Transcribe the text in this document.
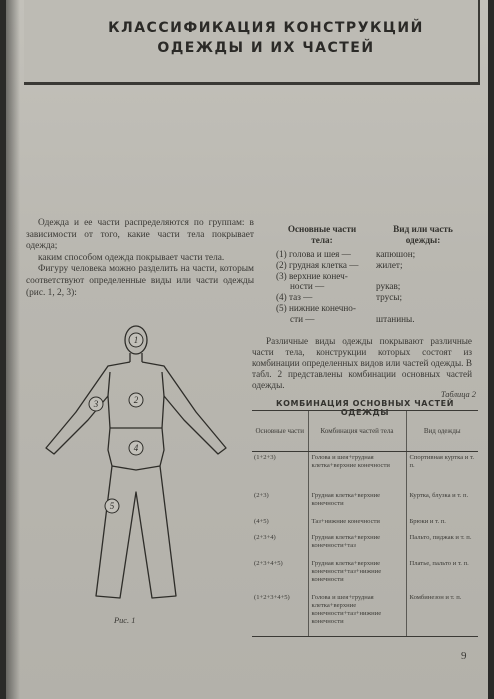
КЛАССИФИКАЦИЯ КОНСТРУКЦИЙ
ОДЕЖДЫ И ИХ ЧАСТЕЙ

Одежда и ее части распределяются по группам: в зависимости от того, какие части тела покрывает одежда;

каким способом одежда покрывает части тела.

Фигуру человека можно разделить на части, которым соответствуют определенные виды или части одежды (рис. 1, 2, 3):

Основные части тела:
Вид или часть одежды:
(1) голова и шея —	капюшон;
(2) грудная клетка — жилет;
(3) верхние конеч-
ности —	рукав;
(4) таз —	трусы;
(5) нижние конечно-
сти —	штанины.

Различные виды одежды покрывают различные части тела, конструкции которых состоят из комбинации определенных видов или частей одежды. В табл. 2 представлены комбинации основных частей одежды.

Таблица 2
КОМБИНАЦИЯ ОСНОВНЫХ ЧАСТЕЙ ОДЕЖДЫ
Основные части	Комбинация частей тела	Вид одежды
(1+2+3)	Голова и шея+грудная клетка+верхние конечности	Спортивная куртка и т. п.
(2+3)	Грудная клетка+верхние конечности	Куртка, блузка и т. п.
(4+5)	Таз+нижние конечности	Брюки и т. п.
(2+3+4)	Грудная клетка+верхние конечности+таз	Пальто, пиджак и т. п.
(2+3+4+5)	Грудная клетка+верхние конечности+таз+нижние конечности	Платье, пальто и т. п.
(1+2+3+4+5)	Голова и шея+грудная клетка+верхние конечности+таз+нижние конечности	Комбинезон и т. п.
1
2
3
4
5
Рис. 1
9
